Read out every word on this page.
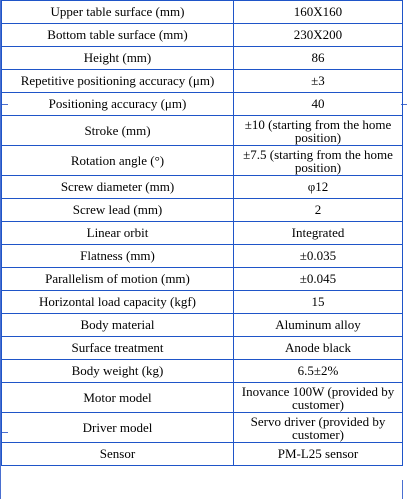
Upper table surface (mm)	160X160
Bottom table surface (mm)	230X200
Height (mm)	86
Repetitive positioning accuracy (μm)	±3
Positioning accuracy (μm)	40
Stroke (mm)	±10 (starting from the home position)
Rotation angle (°)	±7.5 (starting from the home position)
Screw diameter (mm)	φ12
Screw lead (mm)	2
Linear orbit	Integrated
Flatness (mm)	±0.035
Parallelism of motion (mm)	±0.045
Horizontal load capacity (kgf)	15
Body material	Aluminum alloy
Surface treatment	Anode black
Body weight (kg)	6.5±2%
Motor model	Inovance 100W (provided by customer)
Driver model	Servo driver (provided by customer)
Sensor	PM-L25 sensor
